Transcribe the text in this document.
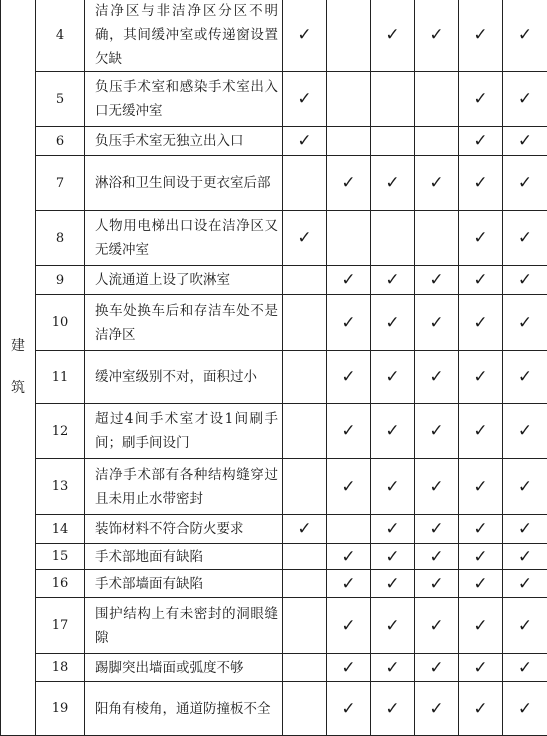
建
筑	4	洁净区与非洁净区分区不明确，其间缓冲室或传递窗设置欠缺	✓		✓	✓	✓	✓
	5	负压手术室和感染手术室出入口无缓冲室	✓				✓	✓
	6	负压手术室无独立出入口	✓				✓	✓
	7	淋浴和卫生间设于更衣室后部		✓	✓	✓	✓	✓
	8	人物用电梯出口设在洁净区又无缓冲室	✓				✓	✓
	9	人流通道上设了吹淋室		✓	✓	✓	✓	✓
	10	换车处换车后和存洁车处不是洁净区		✓	✓	✓	✓	✓
	11	缓冲室级别不对，面积过小		✓	✓	✓	✓	✓
	12	超过4间手术室才设1间刷手间；刷手间设门		✓	✓	✓	✓	✓
	13	洁净手术部有各种结构缝穿过且未用止水带密封		✓	✓	✓	✓	✓
	14	装饰材料不符合防火要求	✓		✓	✓	✓	✓
	15	手术部地面有缺陷		✓	✓	✓	✓	✓
	16	手术部墙面有缺陷		✓	✓	✓	✓	✓
	17	围护结构上有未密封的洞眼缝隙		✓	✓	✓	✓	✓
	18	踢脚突出墙面或弧度不够		✓	✓	✓	✓	✓
	19	阳角有棱角，通道防撞板不全		✓	✓	✓	✓	✓
